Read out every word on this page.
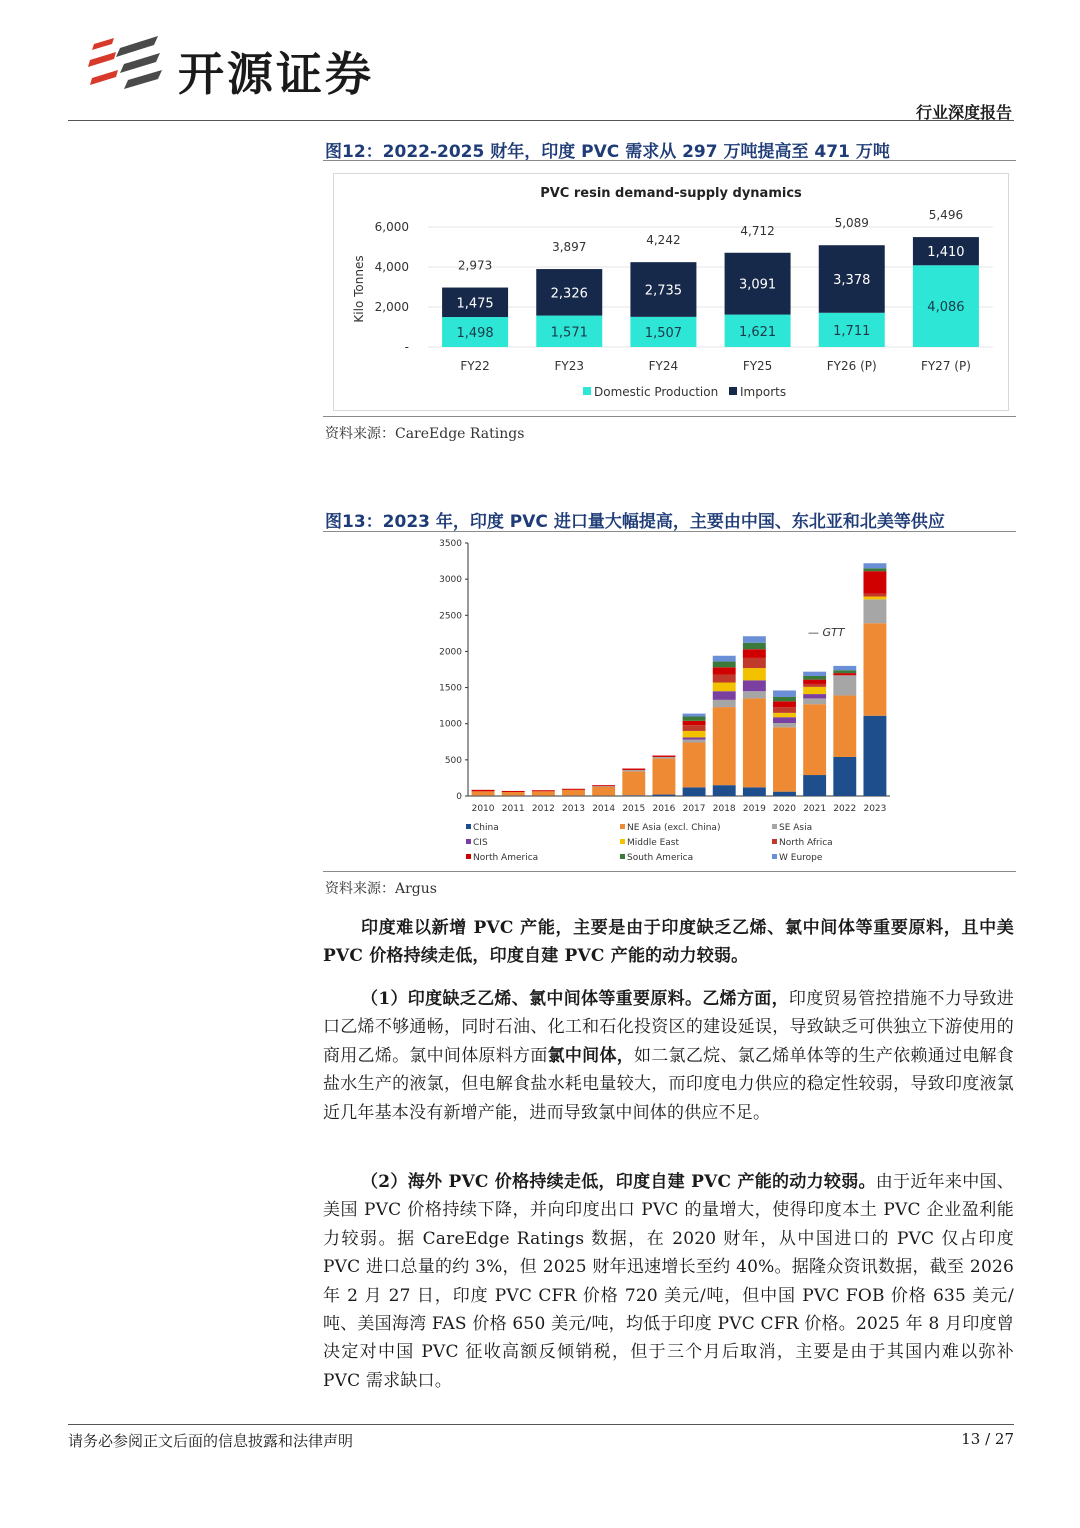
开源证券
行业深度报告
图12：2022-2025 财年，印度 PVC 需求从 297 万吨提高至 471 万吨
PVC resin demand-supply dynamics
Kilo Tonnes
-
2,000
4,000
6,000
1,498
1,475
2,973
1,571
2,326
3,897
1,507
2,735
4,242
1,621
3,091
4,712
1,711
3,378
5,089
4,086
1,410
5,496
FY22	FY23	FY24	FY25	FY26 (P)	FY27 (P)
Domestic Production Imports
资料来源：CareEdge Ratings
图13：2023 年，印度 PVC 进口量大幅提高，主要由中国、东北亚和北美等供应
0
500
1000
1500
2000
2500
3000
3500
2010 2011 2012 2013 2014 2015 2016 2017 2018 2019 2020 2021 2022 2023
— GTT
China	NE Asia (excl. China)	SE Asia
CIS	Middle East	North Africa
North America	South America	W Europe
资料来源：Argus
印度难以新增 PVC 产能，主要是由于印度缺乏乙烯、氯中间体等重要原料，且中美 PVC 价格持续走低，印度自建 PVC 产能的动力较弱。
（1）印度缺乏乙烯、氯中间体等重要原料。乙烯方面，印度贸易管控措施不力导致进口乙烯不够通畅，同时石油、化工和石化投资区的建设延误，导致缺乏可供独立下游使用的商用乙烯。氯中间体原料方面氯中间体，如二氯乙烷、氯乙烯单体等的生产依赖通过电解食盐水生产的液氯，但电解食盐水耗电量较大，而印度电力供应的稳定性较弱，导致印度液氯近几年基本没有新增产能，进而导致氯中间体的供应不足。
（2）海外 PVC 价格持续走低，印度自建 PVC 产能的动力较弱。由于近年来中国、美国 PVC 价格持续下降，并向印度出口 PVC 的量增大，使得印度本土 PVC 企业盈利能力较弱。据 CareEdge Ratings 数据，在 2020 财年，从中国进口的 PVC 仅占印度 PVC 进口总量的约 3%，但 2025 财年迅速增长至约 40%。据隆众资讯数据，截至 2026 年 2 月 27 日，印度 PVC CFR 价格 720 美元/吨，但中国 PVC FOB 价格 635 美元/吨、美国海湾 FAS 价格 650 美元/吨，均低于印度 PVC CFR 价格。2025 年 8 月印度曾决定对中国 PVC 征收高额反倾销税，但于三个月后取消，主要是由于其国内难以弥补 PVC 需求缺口。
请务必参阅正文后面的信息披露和法律声明	13 / 27
